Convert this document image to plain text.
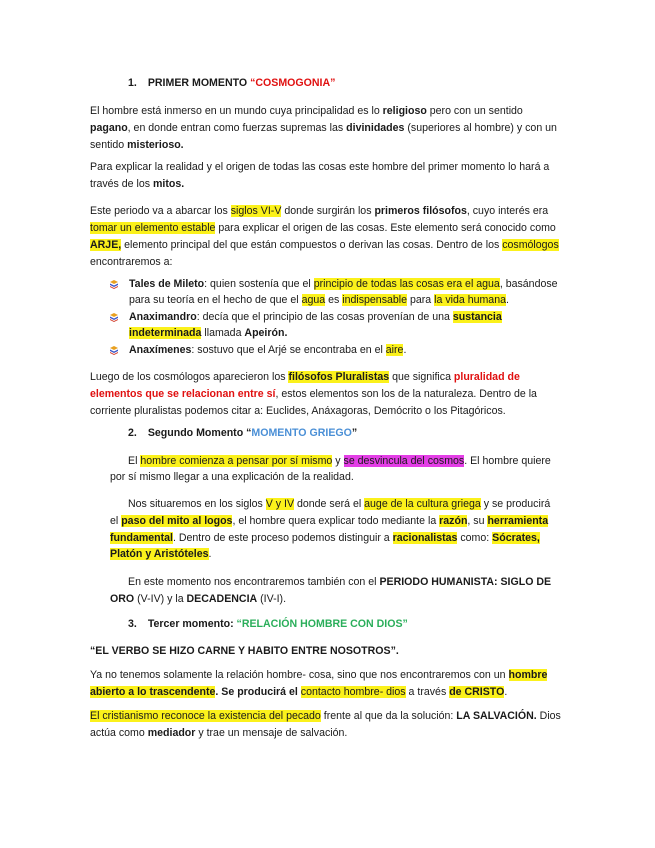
1. PRIMER MOMENTO “COSMOGONIA”
El hombre está inmerso en un mundo cuya principalidad es lo religioso pero con un sentido
pagano, en donde entran como fuerzas supremas las divinidades (superiores al hombre) y con un
sentido misterioso.
Para explicar la realidad y el origen de todas las cosas este hombre del primer momento lo hará a
través de los mitos.
Este periodo va a abarcar los siglos VI-V donde surgirán los primeros filósofos, cuyo interés era
tomar un elemento estable para explicar el origen de las cosas. Este elemento será conocido como
ARJE, elemento principal del que están compuestos o derivan las cosas. Dentro de los cosmólogos
encontraremos a:
Tales de Mileto: quien sostenía que el principio de todas las cosas era el agua, basándose
para su teoría en el hecho de que el agua es indispensable para la vida humana.
Anaximandro: decía que el principio de las cosas provenían de una sustancia
indeterminada llamada Apeirón.
Anaxímenes: sostuvo que el Arjé se encontraba en el aire.
Luego de los cosmólogos aparecieron los filósofos Pluralistas que significa pluralidad de
elementos que se relacionan entre sí, estos elementos son los de la naturaleza. Dentro de la
corriente pluralistas podemos citar a: Euclides, Anáxagoras, Demócrito o los Pitagóricos.
2. Segundo Momento “MOMENTO GRIEGO”
El hombre comienza a pensar por sí mismo y se desvincula del cosmos. El hombre quiere
por sí mismo llegar a una explicación de la realidad.
Nos situaremos en los siglos V y IV donde será el auge de la cultura griega y se producirá
el paso del mito al logos, el hombre quera explicar todo mediante la razón, su herramienta
fundamental. Dentro de este proceso podemos distinguir a racionalistas como: Sócrates,
Platón y Aristóteles.
En este momento nos encontraremos también con el PERIODO HUMANISTA: SIGLO DE
ORO (V-IV) y la DECADENCIA (IV-I).
3. Tercer momento: “RELACIÓN HOMBRE CON DIOS”
“EL VERBO SE HIZO CARNE Y HABITO ENTRE NOSOTROS”.
Ya no tenemos solamente la relación hombre- cosa, sino que nos encontraremos con un hombre
abierto a lo trascendente. Se producirá el contacto hombre- dios a través de CRISTO.
El cristianismo reconoce la existencia del pecado frente al que da la solución: LA SALVACIÓN. Dios
actúa como mediador y trae un mensaje de salvación.
